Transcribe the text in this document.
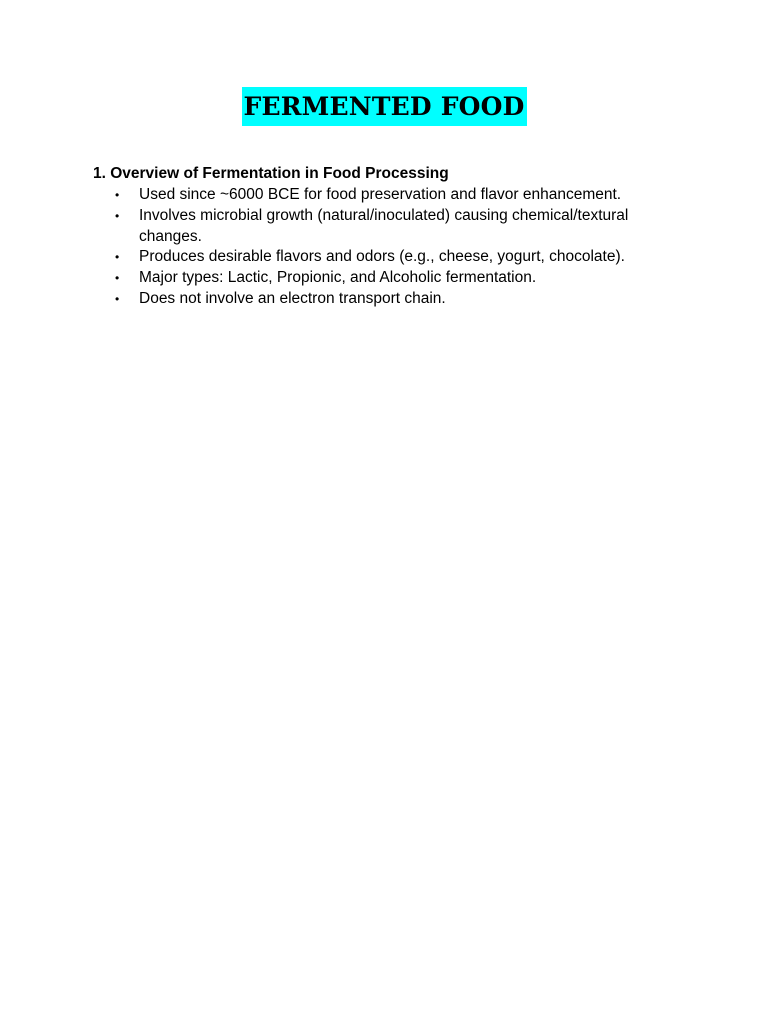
FERMENTED FOOD
1. Overview of Fermentation in Food Processing
• Used since ~6000 BCE for food preservation and flavor enhancement.
• Involves microbial growth (natural/inoculated) causing chemical/textural changes.
• Produces desirable flavors and odors (e.g., cheese, yogurt, chocolate).
• Major types: Lactic, Propionic, and Alcoholic fermentation.
• Does not involve an electron transport chain.
